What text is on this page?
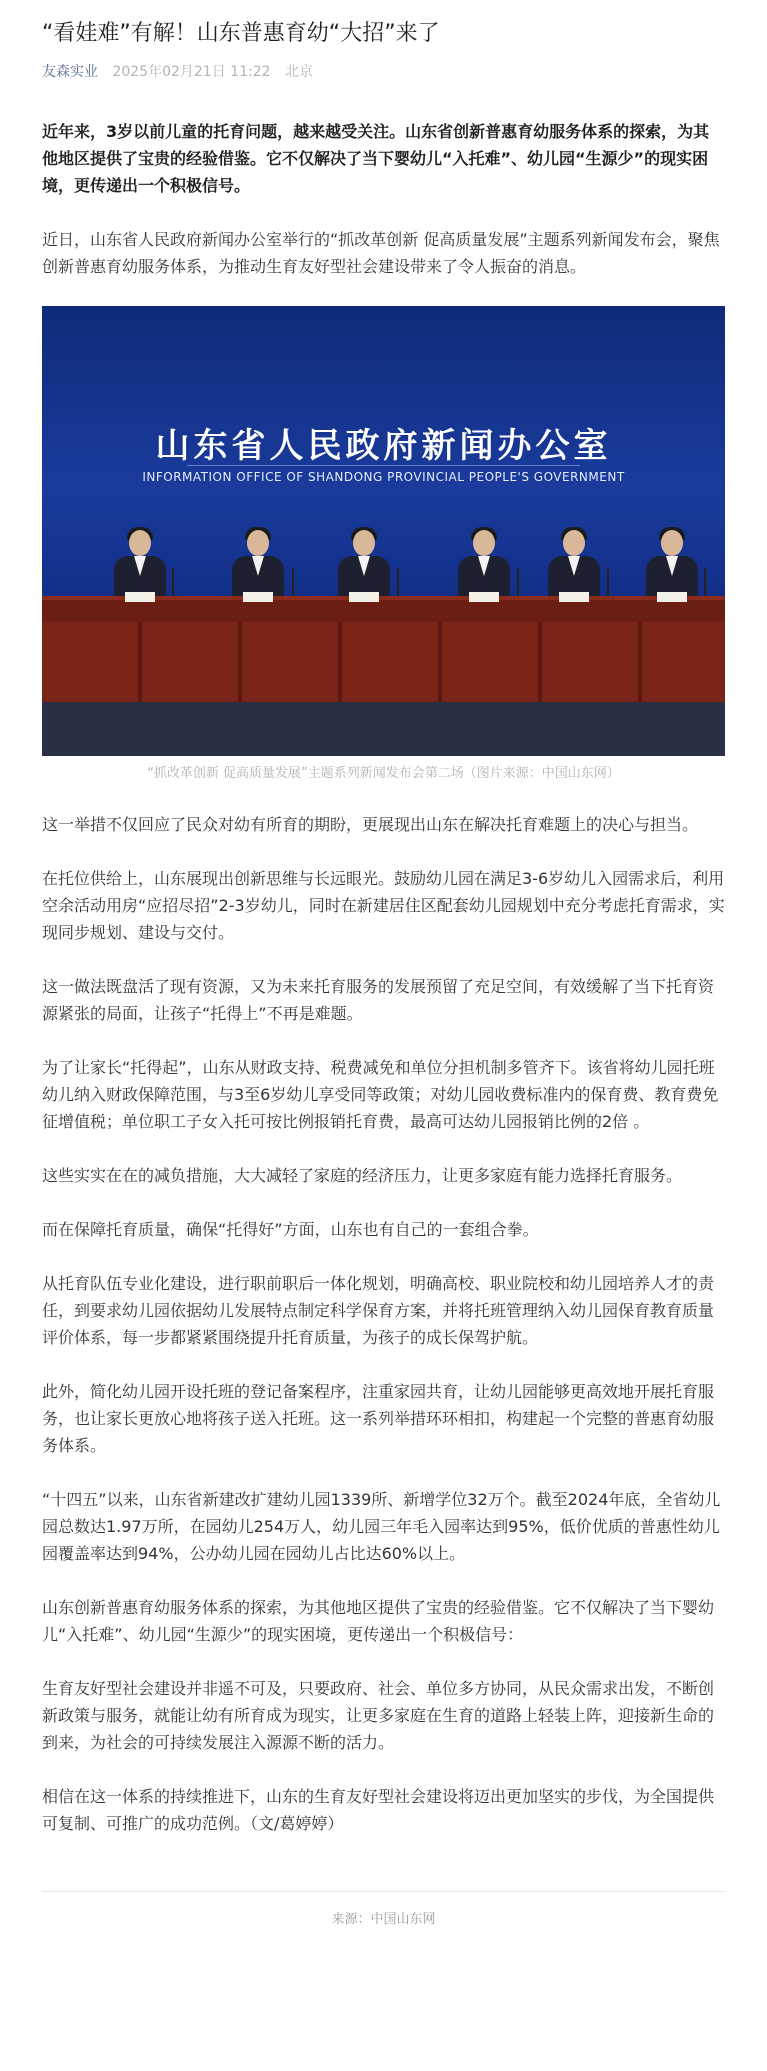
“看娃难”有解！山东普惠育幼“大招”来了
友森实业 2025年02月21日 11:22 北京
近年来，3岁以前儿童的托育问题，越来越受关注。山东省创新普惠育幼服务体系的探索，为其他地区提供了宝贵的经验借鉴。它不仅解决了当下婴幼儿“入托难”、幼儿园“生源少”的现实困境，更传递出一个积极信号。

近日，山东省人民政府新闻办公室举行的“抓改革创新 促高质量发展”主题系列新闻发布会，聚焦创新普惠育幼服务体系，为推动生育友好型社会建设带来了令人振奋的消息。

山东省人民政府新闻办公室
INFORMATION OFFICE OF SHANDONG PROVINCIAL PEOPLE'S GOVERNMENT
“抓改革创新 促高质量发展”主题系列新闻发布会第二场（图片来源：中国山东网）

这一举措不仅回应了民众对幼有所育的期盼，更展现出山东在解决托育难题上的决心与担当。

在托位供给上，山东展现出创新思维与长远眼光。鼓励幼儿园在满足3-6岁幼儿入园需求后，利用空余活动用房“应招尽招”2-3岁幼儿，同时在新建居住区配套幼儿园规划中充分考虑托育需求，实现同步规划、建设与交付。

这一做法既盘活了现有资源，又为未来托育服务的发展预留了充足空间，有效缓解了当下托育资源紧张的局面，让孩子“托得上”不再是难题。

为了让家长“托得起”，山东从财政支持、税费减免和单位分担机制多管齐下。该省将幼儿园托班幼儿纳入财政保障范围，与3至6岁幼儿享受同等政策；对幼儿园收费标准内的保育费、教育费免征增值税；单位职工子女入托可按比例报销托育费，最高可达幼儿园报销比例的2倍 。

这些实实在在的减负措施，大大减轻了家庭的经济压力，让更多家庭有能力选择托育服务。

而在保障托育质量，确保“托得好”方面，山东也有自己的一套组合拳。

从托育队伍专业化建设，进行职前职后一体化规划，明确高校、职业院校和幼儿园培养人才的责任，到要求幼儿园依据幼儿发展特点制定科学保育方案，并将托班管理纳入幼儿园保育教育质量评价体系，每一步都紧紧围绕提升托育质量，为孩子的成长保驾护航。

此外，简化幼儿园开设托班的登记备案程序，注重家园共育，让幼儿园能够更高效地开展托育服务，也让家长更放心地将孩子送入托班。这一系列举措环环相扣，构建起一个完整的普惠育幼服务体系。

“十四五”以来，山东省新建改扩建幼儿园1339所、新增学位32万个。截至2024年底，全省幼儿园总数达1.97万所，在园幼儿254万人，幼儿园三年毛入园率达到95%，低价优质的普惠性幼儿园覆盖率达到94%，公办幼儿园在园幼儿占比达60%以上。

山东创新普惠育幼服务体系的探索，为其他地区提供了宝贵的经验借鉴。它不仅解决了当下婴幼儿“入托难”、幼儿园“生源少”的现实困境，更传递出一个积极信号：

生育友好型社会建设并非遥不可及，只要政府、社会、单位多方协同，从民众需求出发，不断创新政策与服务，就能让幼有所育成为现实，让更多家庭在生育的道路上轻装上阵，迎接新生命的到来，为社会的可持续发展注入源源不断的活力。

相信在这一体系的持续推进下，山东的生育友好型社会建设将迈出更加坚实的步伐，为全国提供可复制、可推广的成功范例。（文/葛婷婷）

来源：中国山东网
